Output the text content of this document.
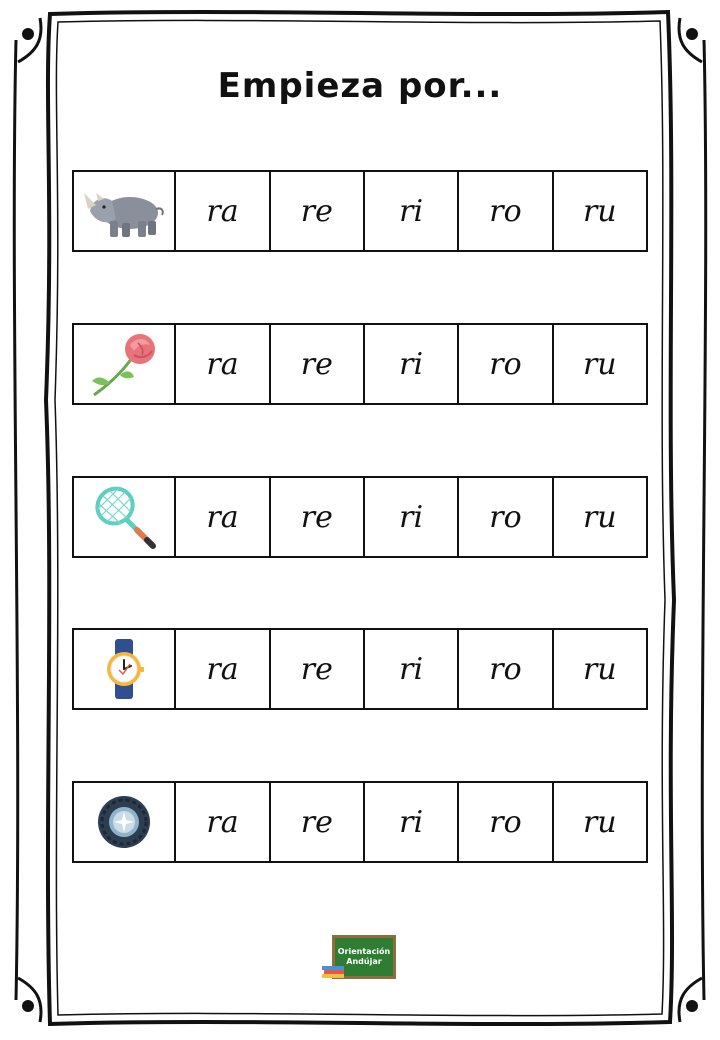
Empieza por...
ra	re	ri	ro	ru
ra	re	ri	ro	ru
ra	re	ri	ro	ru
ra	re	ri	ro	ru
ra	re	ri	ro	ru
Orientación
Andújar
